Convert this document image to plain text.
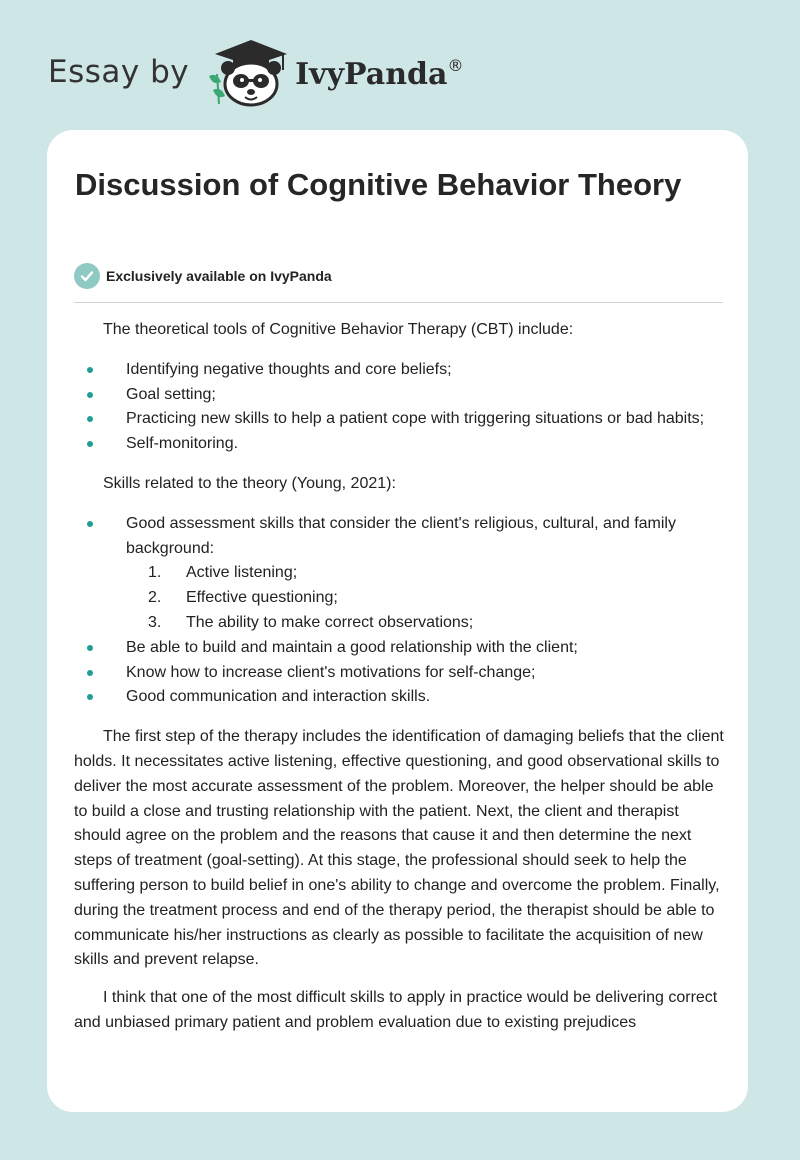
Essay by	IvyPanda®
Discussion of Cognitive Behavior Theory
Exclusively available on IvyPanda

The theoretical tools of Cognitive Behavior Therapy (CBT) include:

Identifying negative thoughts and core beliefs;
Goal setting;
Practicing new skills to help a patient cope with triggering situations or bad habits;
Self-monitoring.

Skills related to the theory (Young, 2021):

Good assessment skills that consider the client's religious, cultural, and family background:
1. Active listening;
2. Effective questioning;
3. The ability to make correct observations;
Be able to build and maintain a good relationship with the client;
Know how to increase client's motivations for self-change;
Good communication and interaction skills.

The first step of the therapy includes the identification of damaging beliefs that the client holds. It necessitates active listening, effective questioning, and good observational skills to deliver the most accurate assessment of the problem. Moreover, the helper should be able to build a close and trusting relationship with the patient. Next, the client and therapist should agree on the problem and the reasons that cause it and then determine the next steps of treatment (goal-setting). At this stage, the professional should seek to help the suffering person to build belief in one's ability to change and overcome the problem. Finally, during the treatment process and end of the therapy period, the therapist should be able to communicate his/her instructions as clearly as possible to facilitate the acquisition of new skills and prevent relapse.

I think that one of the most difficult skills to apply in practice would be delivering correct and unbiased primary patient and problem evaluation due to existing prejudices
